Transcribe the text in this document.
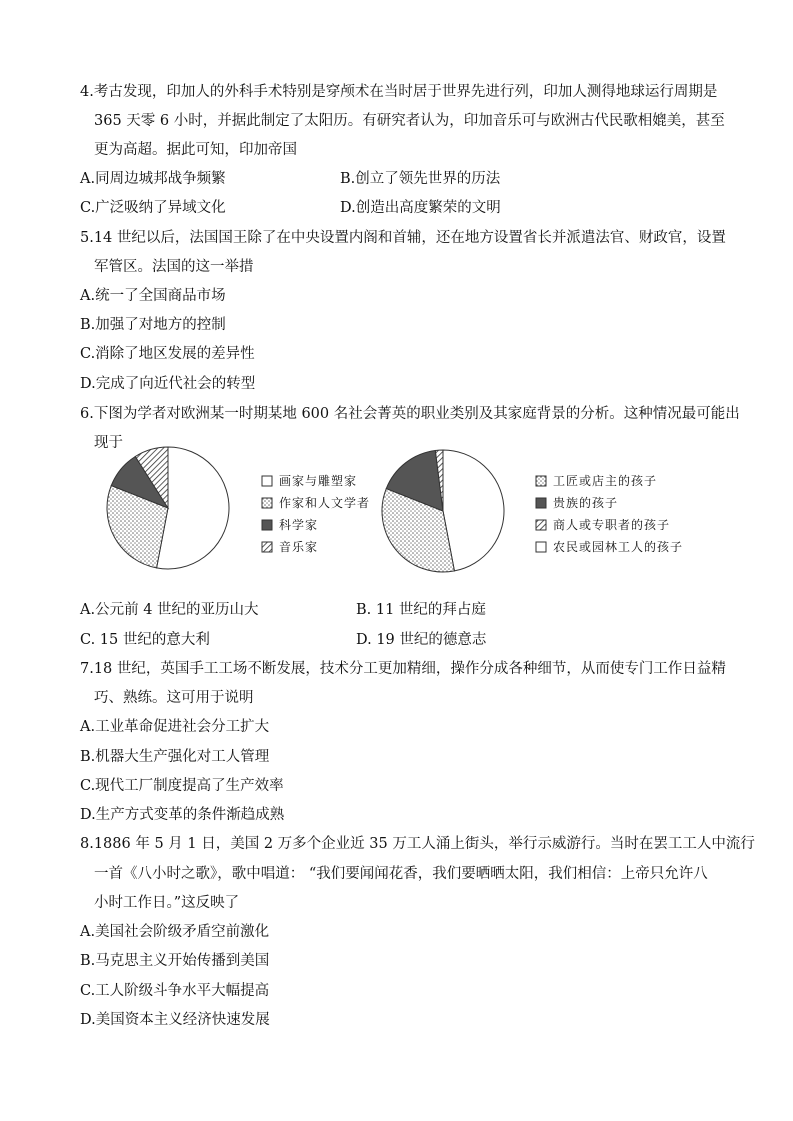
4.考古发现，印加人的外科手术特别是穿颅术在当时居于世界先进行列，印加人测得地球运行周期是
365 天零 6 小时，并据此制定了太阳历。有研究者认为，印加音乐可与欧洲古代民歌相媲美，甚至
更为高超。据此可知，印加帝国
A.同周边城邦战争频繁	B.创立了领先世界的历法
C.广泛吸纳了异域文化	D.创造出高度繁荣的文明
5.14 世纪以后，法国国王除了在中央设置内阁和首辅，还在地方设置省长并派遣法官、财政官，设置
军管区。法国的这一举措
A.统一了全国商品市场
B.加强了对地方的控制
C.消除了地区发展的差异性
D.完成了向近代社会的转型
6.下图为学者对欧洲某一时期某地 600 名社会菁英的职业类别及其家庭背景的分析。这种情况最可能出
现于
画家与雕塑家
作家和人文学者
科学家
音乐家
工匠或店主的孩子
贵族的孩子
商人或专职者的孩子
农民或园林工人的孩子
A.公元前 4 世纪的亚历山大	B. 11 世纪的拜占庭
C. 15 世纪的意大利	D. 19 世纪的德意志
7.18 世纪，英国手工工场不断发展，技术分工更加精细，操作分成各种细节，从而使专门工作日益精
巧、熟练。这可用于说明
A.工业革命促进社会分工扩大
B.机器大生产强化对工人管理
C.现代工厂制度提高了生产效率
D.生产方式变革的条件渐趋成熟
8.1886 年 5 月 1 日，美国 2 万多个企业近 35 万工人涌上街头，举行示威游行。当时在罢工工人中流行
一首《八小时之歌》，歌中唱道： “我们要闻闻花香，我们要晒晒太阳，我们相信：上帝只允许八
小时工作日。”这反映了
A.美国社会阶级矛盾空前激化
B.马克思主义开始传播到美国
C.工人阶级斗争水平大幅提高
D.美国资本主义经济快速发展
